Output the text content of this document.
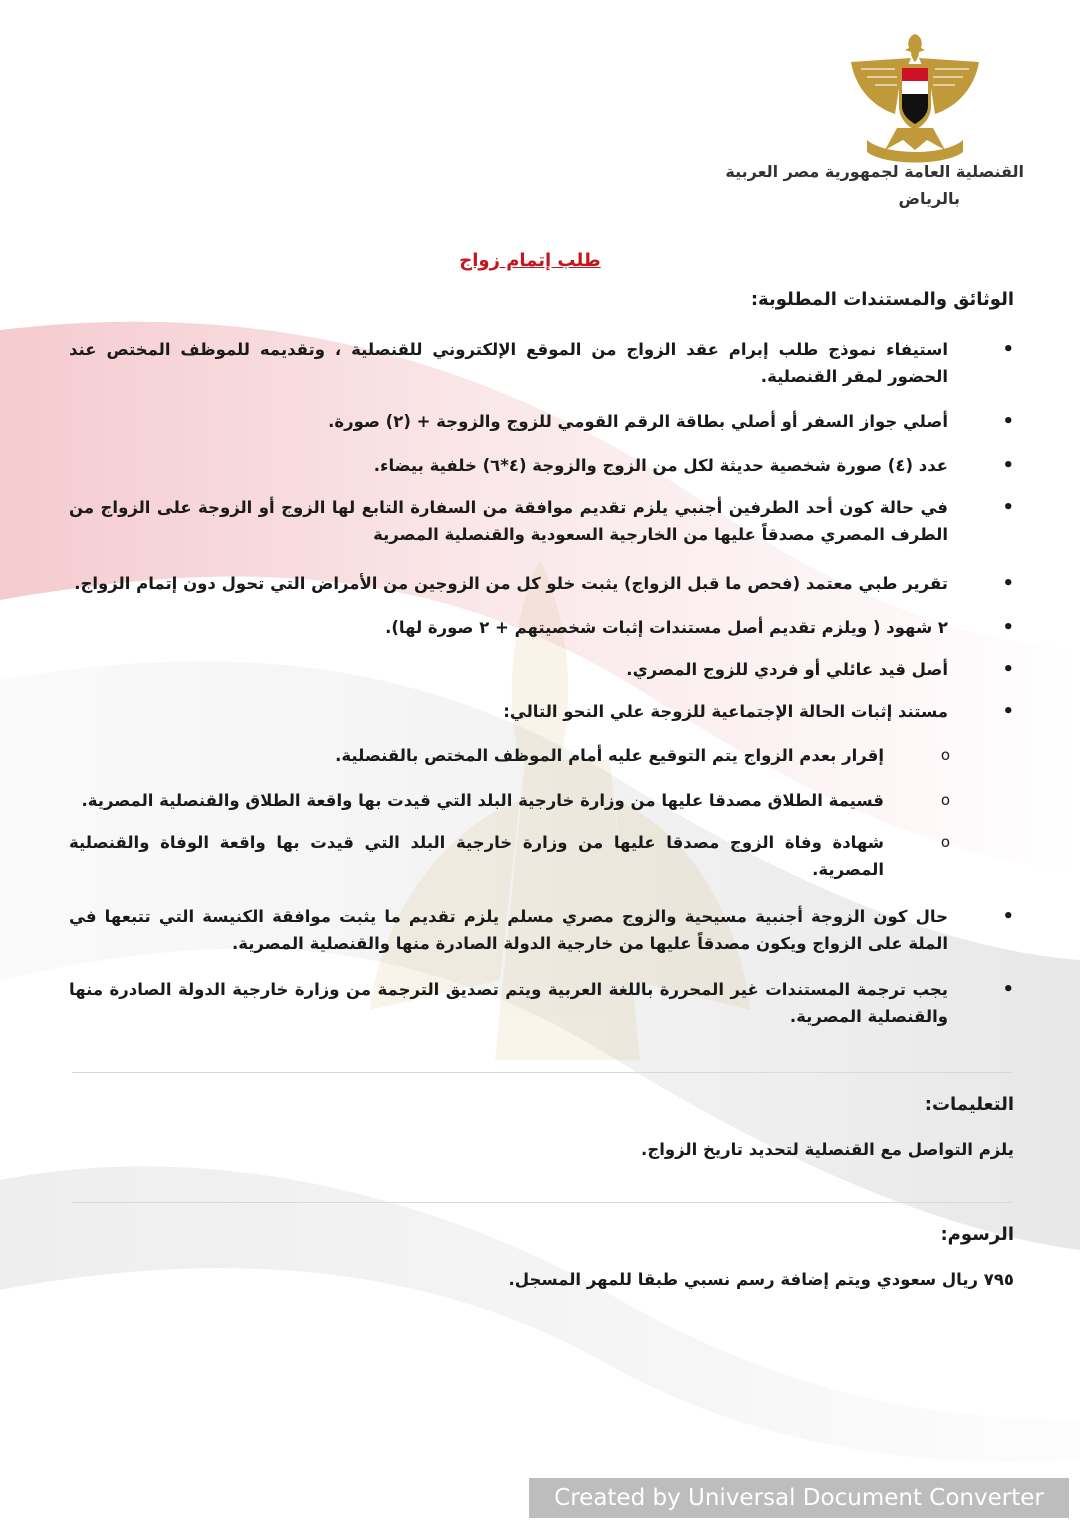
القنصلية العامة لجمهورية مصر العربية
بالرياض
طلب إتمام زواج
الوثائق والمستندات المطلوبة:
•
استيفاء نموذج طلب إبرام عقد الزواج من الموقع الإلكتروني للقنصلية ، وتقديمه للموظف المختص عند الحضور لمقر القنصلية.
•
أصلي جواز السفر أو أصلي بطاقة الرقم القومي للزوج والزوجة + (٢) صورة.
•
عدد (٤) صورة شخصية حديثة لكل من الزوج والزوجة (٤*٦) خلفية بيضاء.
•
في حالة كون أحد الطرفين أجنبي يلزم تقديم موافقة من السفارة التابع لها الزوج أو الزوجة على الزواج من الطرف المصري مصدقاً عليها من الخارجية السعودية والقنصلية المصرية
•
تقرير طبي معتمد (فحص ما قبل الزواج) يثبت خلو كل من الزوجين من الأمراض التي تحول دون إتمام الزواج.
•
٢ شهود ( ويلزم تقديم أصل مستندات إثبات شخصيتهم + ٢ صورة لها).
•
أصل قيد عائلي أو فردي للزوج المصري.
•
مستند إثبات الحالة الإجتماعية للزوجة علي النحو التالي:
o
إقرار بعدم الزواج يتم التوقيع عليه أمام الموظف المختص بالقنصلية.
o
قسيمة الطلاق مصدقا عليها من وزارة خارجية البلد التي قيدت بها واقعة الطلاق والقنصلية المصرية.
o
شهادة وفاة الزوج مصدقا عليها من وزارة خارجية البلد التي قيدت بها واقعة الوفاة والقنصلية المصرية.
•
حال كون الزوجة أجنبية مسيحية والزوج مصري مسلم يلزم تقديم ما يثبت موافقة الكنيسة التي تتبعها في الملة على الزواج ويكون مصدقاً عليها من خارجية الدولة الصادرة منها والقنصلية المصرية.
•
يجب ترجمة المستندات غير المحررة باللغة العربية ويتم تصديق الترجمة من وزارة خارجية الدولة الصادرة منها والقنصلية المصرية.
التعليمات:
يلزم التواصل مع القنصلية لتحديد تاريخ الزواج.
الرسوم:
٧٩٥ ريال سعودي ويتم إضافة رسم نسبي طبقا للمهر المسجل.
Created by Universal Document Converter
